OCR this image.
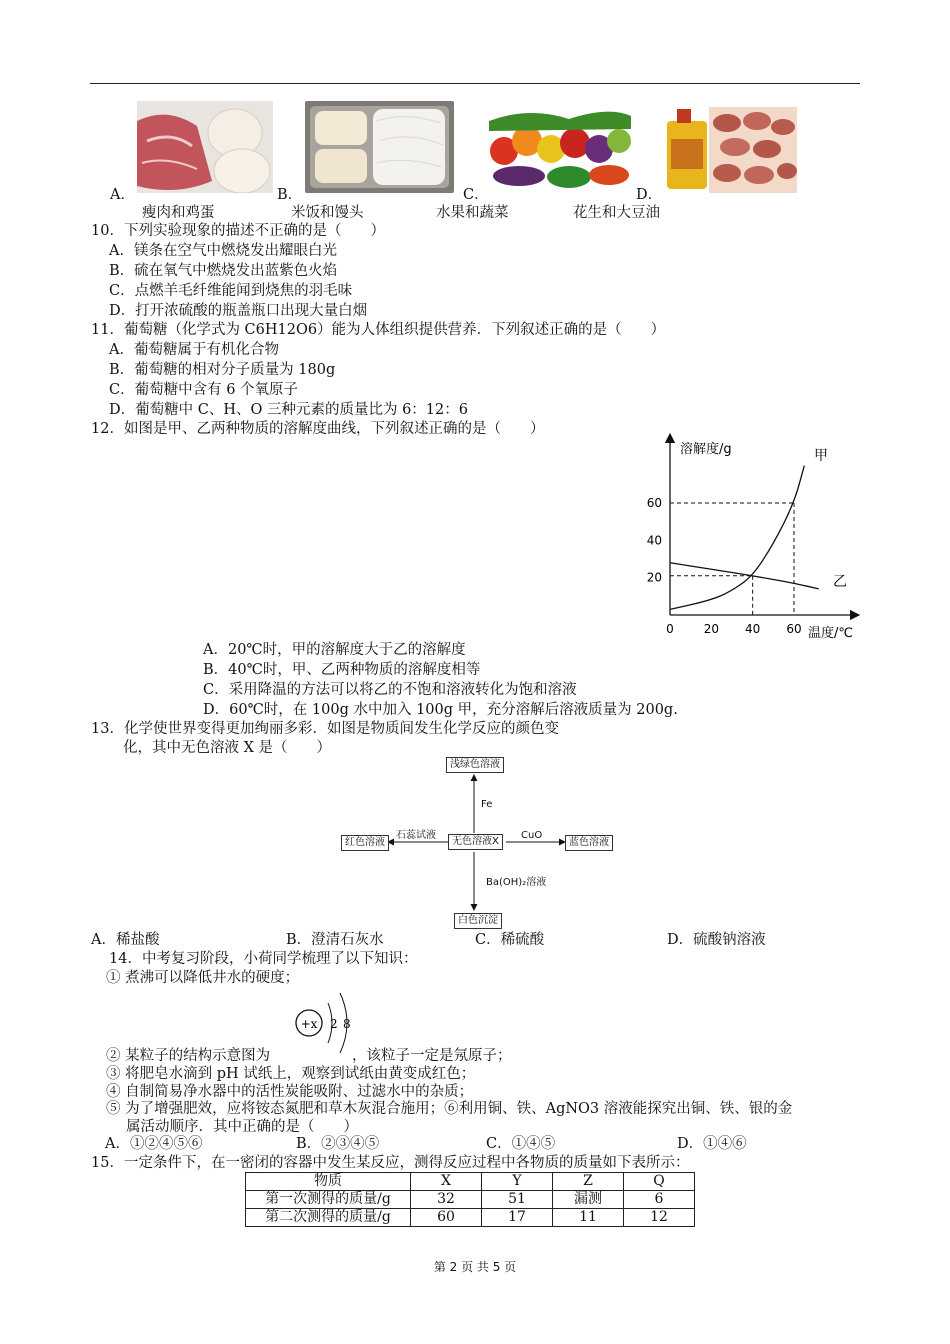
A．	B．	C．	D．
瘦肉和鸡蛋	米饭和馒头	水果和蔬菜	花生和大豆油
10．下列实验现象的描述不正确的是（　　）
A．镁条在空气中燃烧发出耀眼白光
B．硫在氧气中燃烧发出蓝紫色火焰
C．点燃羊毛纤维能闻到烧焦的羽毛味
D．打开浓硫酸的瓶盖瓶口出现大量白烟
11．葡萄糖（化学式为 C6H12O6）能为人体组织提供营养．下列叙述正确的是（　　）
A．葡萄糖属于有机化合物
B．葡萄糖的相对分子质量为 180g
C．葡萄糖中含有 6 个氧原子
D．葡萄糖中 C、H、O 三种元素的质量比为 6：12：6
12．如图是甲、乙两种物质的溶解度曲线，下列叙述正确的是（　　）
0 20 40 60
20
40
60
溶解度/g
温度/℃
甲
乙
A．20℃时，甲的溶解度大于乙的溶解度
B．40℃时，甲、乙两种物质的溶解度相等
C．采用降温的方法可以将乙的不饱和溶液转化为饱和溶液
D．60℃时，在 100g 水中加入 100g 甲，充分溶解后溶液质量为 200g.
13．化学使世界变得更加绚丽多彩．如图是物质间发生化学反应的颜色变
化，其中无色溶液 X 是（　　）
浅绿色溶液
红色溶液	无色溶液X	蓝色溶液
白色沉淀
Fe
石蕊试液	CuO
Ba(OH)₂溶液
A．稀盐酸	B．澄清石灰水	C．稀硫酸	D．硫酸钠溶液
14．中考复习阶段，小荷同学梳理了以下知识：
① 煮沸可以降低井水的硬度；
+x 2 8
② 某粒子的结构示意图为	，该粒子一定是氖原子；
③ 将肥皂水滴到 pH 试纸上，观察到试纸由黄变成红色；
④ 自制简易净水器中的活性炭能吸附、过滤水中的杂质；
⑤ 为了增强肥效，应将铵态氮肥和草木灰混合施用；⑥利用铜、铁、AgNO3 溶液能探究出铜、铁、银的金
属活动顺序．其中正确的是（　　）
A．①②④⑤⑥	B．②③④⑤	C．①④⑤	D．①④⑥
15．一定条件下，在一密闭的容器中发生某反应，测得反应过程中各物质的质量如下表所示：
物质	X	Y	Z	Q
第一次测得的质量/g	32	51	漏测	6
第二次测得的质量/g	60	17	11	12
第 2 页 共 5 页
